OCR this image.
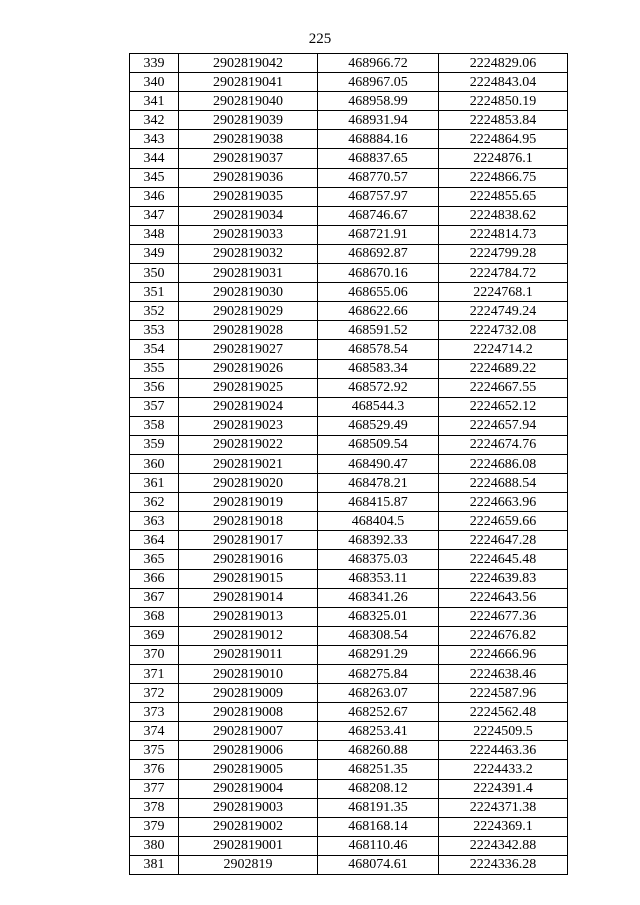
225
339	2902819042	468966.72	2224829.06
340	2902819041	468967.05	2224843.04
341	2902819040	468958.99	2224850.19
342	2902819039	468931.94	2224853.84
343	2902819038	468884.16	2224864.95
344	2902819037	468837.65	2224876.1
345	2902819036	468770.57	2224866.75
346	2902819035	468757.97	2224855.65
347	2902819034	468746.67	2224838.62
348	2902819033	468721.91	2224814.73
349	2902819032	468692.87	2224799.28
350	2902819031	468670.16	2224784.72
351	2902819030	468655.06	2224768.1
352	2902819029	468622.66	2224749.24
353	2902819028	468591.52	2224732.08
354	2902819027	468578.54	2224714.2
355	2902819026	468583.34	2224689.22
356	2902819025	468572.92	2224667.55
357	2902819024	468544.3	2224652.12
358	2902819023	468529.49	2224657.94
359	2902819022	468509.54	2224674.76
360	2902819021	468490.47	2224686.08
361	2902819020	468478.21	2224688.54
362	2902819019	468415.87	2224663.96
363	2902819018	468404.5	2224659.66
364	2902819017	468392.33	2224647.28
365	2902819016	468375.03	2224645.48
366	2902819015	468353.11	2224639.83
367	2902819014	468341.26	2224643.56
368	2902819013	468325.01	2224677.36
369	2902819012	468308.54	2224676.82
370	2902819011	468291.29	2224666.96
371	2902819010	468275.84	2224638.46
372	2902819009	468263.07	2224587.96
373	2902819008	468252.67	2224562.48
374	2902819007	468253.41	2224509.5
375	2902819006	468260.88	2224463.36
376	2902819005	468251.35	2224433.2
377	2902819004	468208.12	2224391.4
378	2902819003	468191.35	2224371.38
379	2902819002	468168.14	2224369.1
380	2902819001	468110.46	2224342.88
381	2902819	468074.61	2224336.28
